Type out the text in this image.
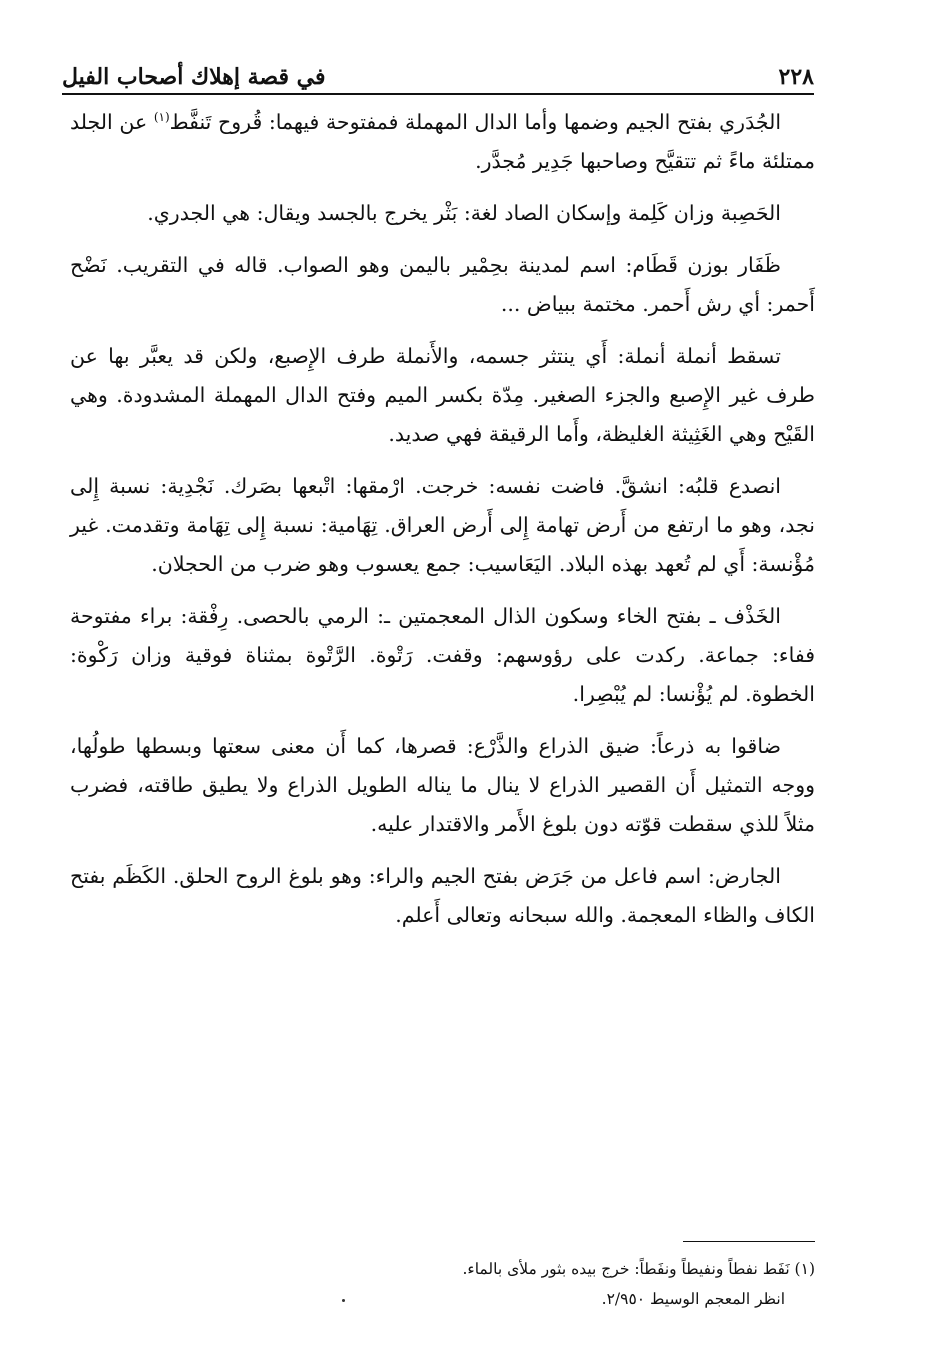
٢٢٨
في قصة إهلاك أصحاب الفيل

الجُدَري بفتح الجيم وضمها وأما الدال المهملة فمفتوحة فيهما: قُروح تَنفَّط$^{(١)}$ عن الجلد ممتلئة ماءً ثم تتقيَّح وصاحبها جَدِير مُجدَّر.

الحَصِبة وزان كَلِمة وإسكان الصاد لغة: بَثْر يخرج بالجسد ويقال: هي الجدري.

ظَفَار بوزن قَطَام: اسم لمدينة بحِمْير باليمن وهو الصواب. قاله في التقريب. نَضْح أَحمر: أي رش أَحمر. مختمة ببياض ...

تسقط أنملة أنملة: أَي ينتثر جسمه، والأَنملة طرف الإِصبع، ولكن قد يعبَّر بها عن طرف غير الإِصبع والجزء الصغير. مِدّة بكسر الميم وفتح الدال المهملة المشدودة. وهي القَيْح وهي الغَثِيثة الغليظة، وأَما الرقيقة فهي صديد.

انصدع قلبُه: انشقَّ. فاضت نفسه: خرجت. ارْمقها: اتْبعها بصَرك. نَجْدِية: نسبة إِلى نجد، وهو ما ارتفع من أَرض تهامة إِلى أَرض العراق. تِهَامية: نسبة إِلى تِهَامة وتقدمت. غير مُؤْنسة: أَي لم تُعهد بهذه البلاد. اليَعَاسيب: جمع يعسوب وهو ضرب من الحجلان.

الخَذْف ـ بفتح الخاء وسكون الذال المعجمتين ـ: الرمي بالحصى. رِفْقة: براء مفتوحة ففاء: جماعة. ركدت على رؤوسهم: وقفت. رَتْوة. الرَّتْوة بمثناة فوقية وزان رَكْوة: الخطوة. لم يُؤْنسا: لم يُبْصِرا.

ضاقوا به ذرعاً: ضيق الذراع والذَّرْع: قصرها، كما أَن معنى سعتها وبسطها طولُها، ووجه التمثيل أَن القصير الذراع لا ينال ما يناله الطويل الذراع ولا يطيق طاقته، فضرب مثلاً للذي سقطت قوّته دون بلوغ الأَمر والاقتدار عليه.

الجارض: اسم فاعل من جَرَض بفتح الجيم والراء: وهو بلوغ الروح الحلق. الكَظَم بفتح الكاف والظاء المعجمة. والله سبحانه وتعالى أَعلم.

(١) نَفَط نفطاً ونفيطاً ونفَطاً: خرج بيده بثور ملأى بالماء.

انظر المعجم الوسيط ٢/٩٥٠.
